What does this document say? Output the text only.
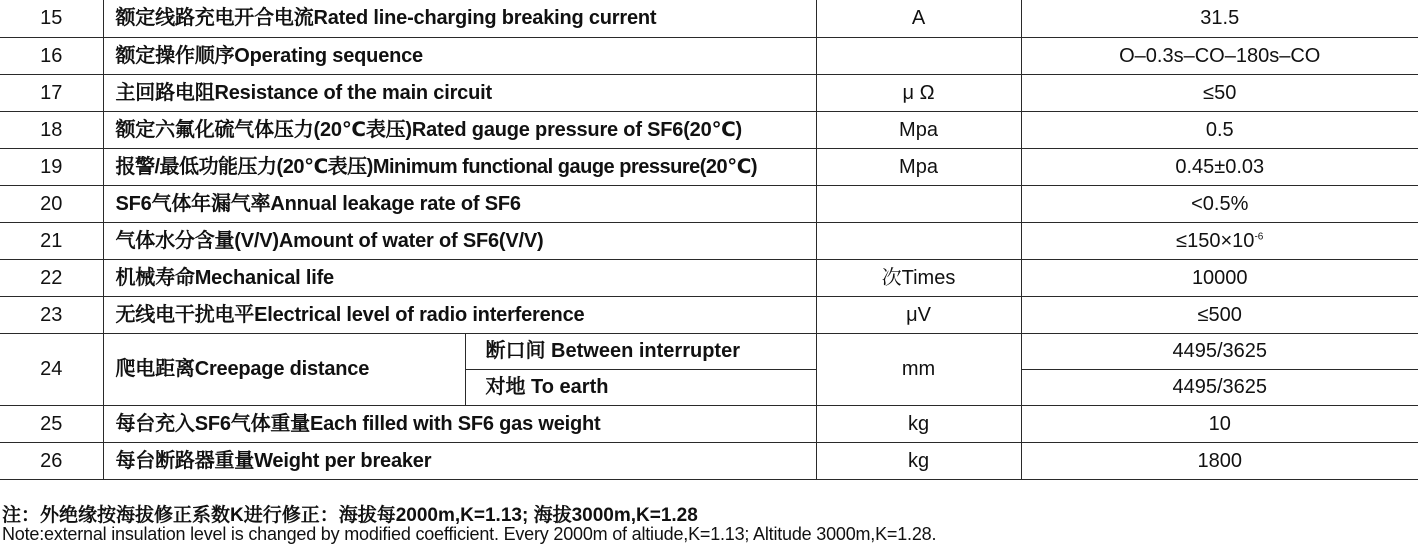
15	额定线路充电开合电流Rated line-charging breaking current		A	31.5
16	额定操作顺序Operating sequence			O–0.3s–CO–180s–CO
17	主回路电阻Resistance of the main circuit		μ Ω	≤50
18	额定六氟化硫气体压力(20℃表压)Rated gauge pressure of SF6(20℃)		Mpa	0.5
19	报警/最低功能压力(20℃表压)Minimum functional gauge pressure(20℃)		Mpa	0.45±0.03
20	SF6气体年漏气率Annual leakage rate of SF6			<0.5%
21	气体水分含量(V/V)Amount of water of SF6(V/V)			$\le 150\times 10^{-6}$
22	机械寿命Mechanical life		次Times	10000
23	无线电干扰电平Electrical level of radio interference		μV	≤500
24	爬电距离Creepage distance	断口间 Between interrupter	mm	4495/3625
		对地 To earth		4495/3625
25	每台充入SF6气体重量Each filled with SF6 gas weight		kg	10
26	每台断路器重量Weight per breaker		kg	1800
注：外绝缘按海拔修正系数K进行修正：海拔每2000m,K=1.13; 海拔3000m,K=1.28
Note:external insulation level is changed by modified coefficient. Every 2000m of altiude,K=1.13; Altitude 3000m,K=1.28.
